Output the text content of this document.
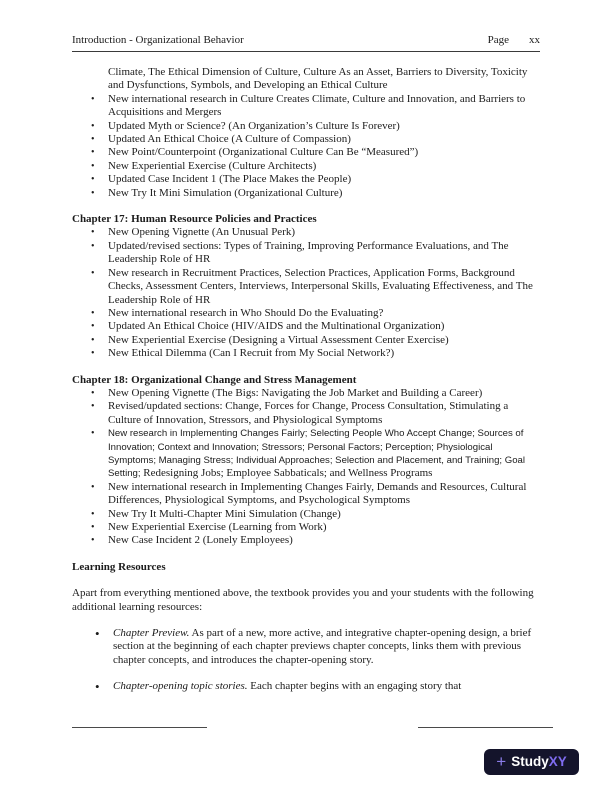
Introduction - Organizational Behavior	Page xx
Climate, The Ethical Dimension of Culture, Culture As an Asset, Barriers to Diversity, Toxicity and Dysfunctions, Symbols, and Developing an Ethical Culture
•
New international research in Culture Creates Climate, Culture and Innovation, and Barriers to Acquisitions and Mergers
•
Updated Myth or Science? (An Organization’s Culture Is Forever)
•
Updated An Ethical Choice (A Culture of Compassion)
•
New Point/Counterpoint (Organizational Culture Can Be “Measured”)
•
New Experiential Exercise (Culture Architects)
•
Updated Case Incident 1 (The Place Makes the People)
•
New Try It Mini Simulation (Organizational Culture)
Chapter 17: Human Resource Policies and Practices
•
New Opening Vignette (An Unusual Perk)
•
Updated/revised sections: Types of Training, Improving Performance Evaluations, and The Leadership Role of HR
•
New research in Recruitment Practices, Selection Practices, Application Forms, Background Checks, Assessment Centers, Interviews, Interpersonal Skills, Evaluating Effectiveness, and The Leadership Role of HR
•
New international research in Who Should Do the Evaluating?
•
Updated An Ethical Choice (HIV/AIDS and the Multinational Organization)
•
New Experiential Exercise (Designing a Virtual Assessment Center Exercise)
•
New Ethical Dilemma (Can I Recruit from My Social Network?)
Chapter 18: Organizational Change and Stress Management
•
New Opening Vignette (The Bigs: Navigating the Job Market and Building a Career)
•
Revised/updated sections: Change, Forces for Change, Process Consultation, Stimulating a Culture of Innovation, Stressors, and Physiological Symptoms
•
New research in Implementing Changes Fairly; Selecting People Who Accept Change; Sources of Innovation; Context and Innovation; Stressors; Personal Factors; Perception; Physiological Symptoms; Managing Stress; Individual Approaches; Selection and Placement, and Training; Goal Setting; Redesigning Jobs; Employee Sabbaticals; and Wellness Programs
•
New international research in Implementing Changes Fairly, Demands and Resources, Cultural Differences, Physiological Symptoms, and Psychological Symptoms
•
New Try It Multi-Chapter Mini Simulation (Change)
•
New Experiential Exercise (Learning from Work)
•
New Case Incident 2 (Lonely Employees)
Learning Resources
Apart from everything mentioned above, the textbook provides you and your students with the following additional learning resources:
•
Chapter Preview. As part of a new, more active, and integrative chapter-opening design, a brief section at the beginning of each chapter previews chapter concepts, links them with previous chapter concepts, and introduces the chapter-opening story.
•
Chapter-opening topic stories. Each chapter begins with an engaging story that
+ Study XY
